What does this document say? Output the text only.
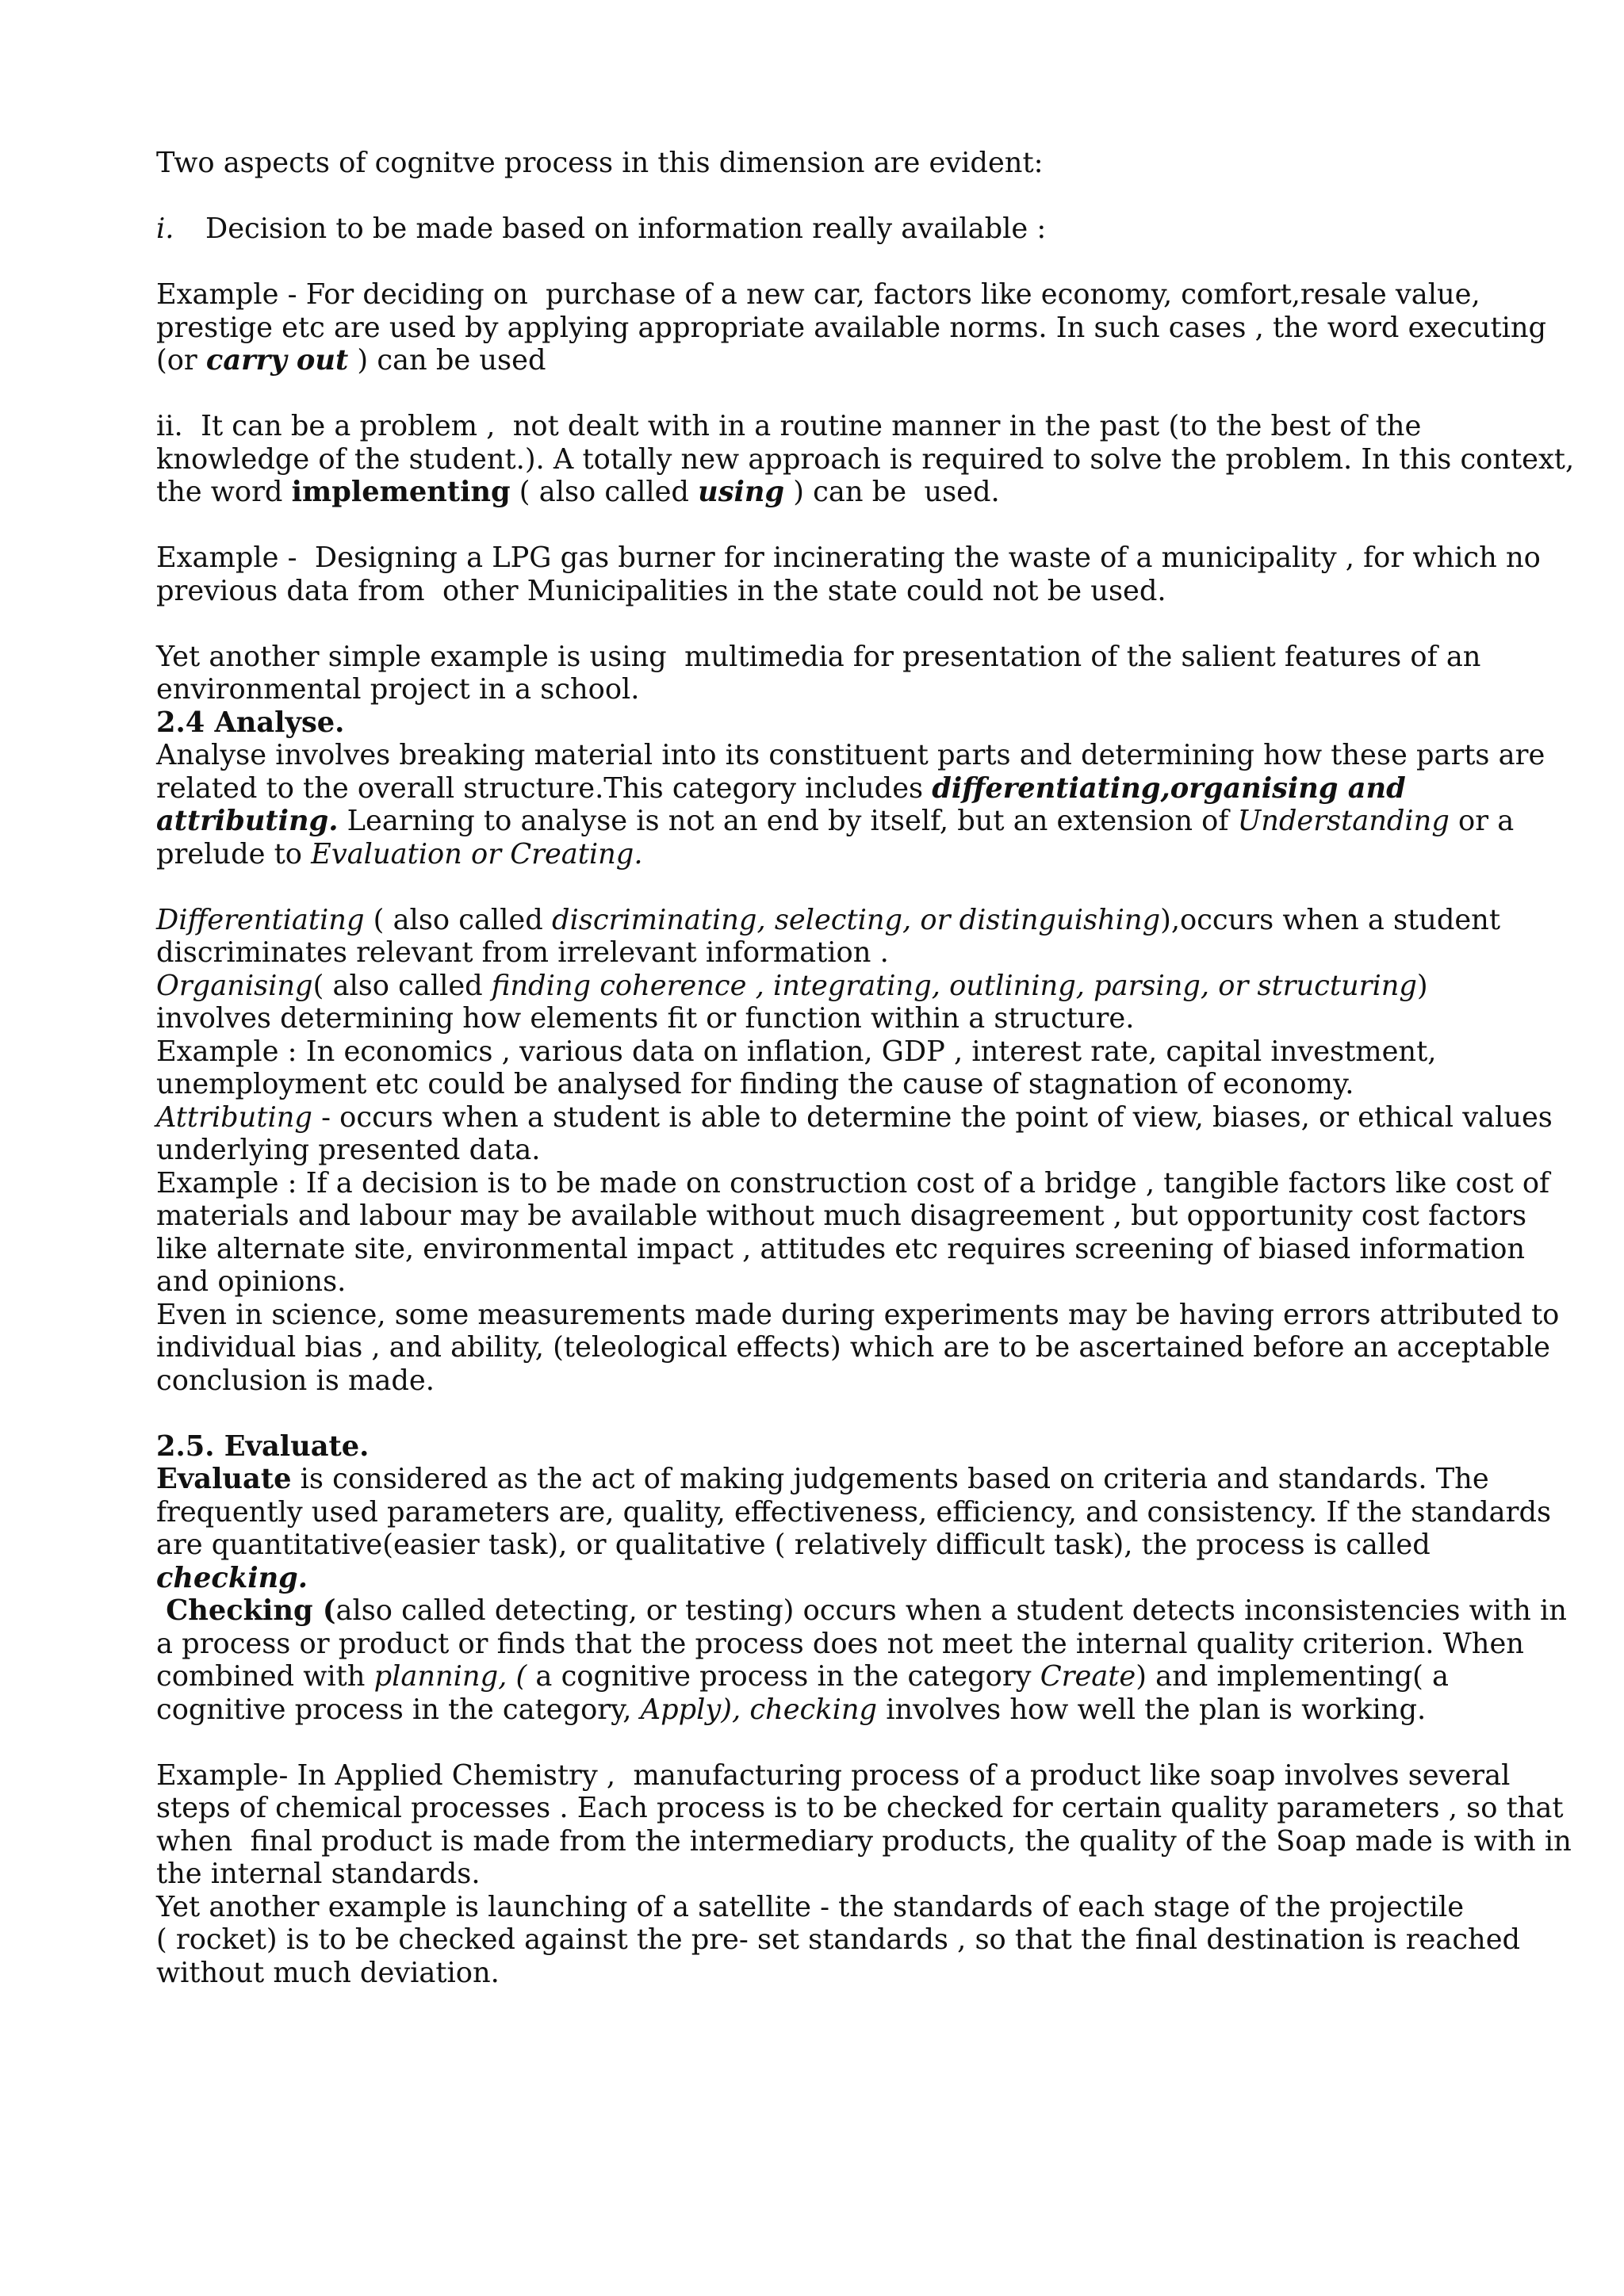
Two aspects of cognitve process in this dimension are evident:

i. Decision to be made based on information really available :

Example - For deciding on  purchase of a new car, factors like economy, comfort,resale value,
prestige etc are used by applying appropriate available norms. In such cases , the word executing
(or carry out ) can be used

ii.  It can be a problem ,  not dealt with in a routine manner in the past (to the best of the
knowledge of the student.). A totally new approach is required to solve the problem. In this context,
the word implementing ( also called using ) can be  used.

Example -  Designing a LPG gas burner for incinerating the waste of a municipality , for which no
previous data from  other Municipalities in the state could not be used.

Yet another simple example is using  multimedia for presentation of the salient features of an
environmental project in a school.

2.4 Analyse.

Analyse involves breaking material into its constituent parts and determining how these parts are
related to the overall structure.This category includes differentiating,organising and
attributing. Learning to analyse is not an end by itself, but an extension of Understanding or a
prelude to Evaluation or Creating.

Differentiating ( also called discriminating, selecting, or distinguishing),occurs when a student
discriminates relevant from irrelevant information .
Organising( also called finding coherence , integrating, outlining, parsing, or structuring)
involves determining how elements fit or function within a structure.
Example : In economics , various data on inflation, GDP , interest rate, capital investment,
unemployment etc could be analysed for finding the cause of stagnation of economy.
Attributing - occurs when a student is able to determine the point of view, biases, or ethical values
underlying presented data.
Example : If a decision is to be made on construction cost of a bridge , tangible factors like cost of
materials and labour may be available without much disagreement , but opportunity cost factors
like alternate site, environmental impact , attitudes etc requires screening of biased information
and opinions.
Even in science, some measurements made during experiments may be having errors attributed to
individual bias , and ability, (teleological effects) which are to be ascertained before an acceptable
conclusion is made.

2.5. Evaluate.

Evaluate is considered as the act of making judgements based on criteria and standards. The
frequently used parameters are, quality, effectiveness, efficiency, and consistency. If the standards
are quantitative(easier task), or qualitative ( relatively difficult task), the process is called
checking.
Checking (also called detecting, or testing) occurs when a student detects inconsistencies with in
a process or product or finds that the process does not meet the internal quality criterion. When
combined with planning, ( a cognitive process in the category Create) and implementing( a
cognitive process in the category, Apply), checking involves how well the plan is working.

Example- In Applied Chemistry ,  manufacturing process of a product like soap involves several
steps of chemical processes . Each process is to be checked for certain quality parameters , so that
when  final product is made from the intermediary products, the quality of the Soap made is with in
the internal standards.
Yet another example is launching of a satellite - the standards of each stage of the projectile
( rocket) is to be checked against the pre- set standards , so that the final destination is reached
without much deviation.
